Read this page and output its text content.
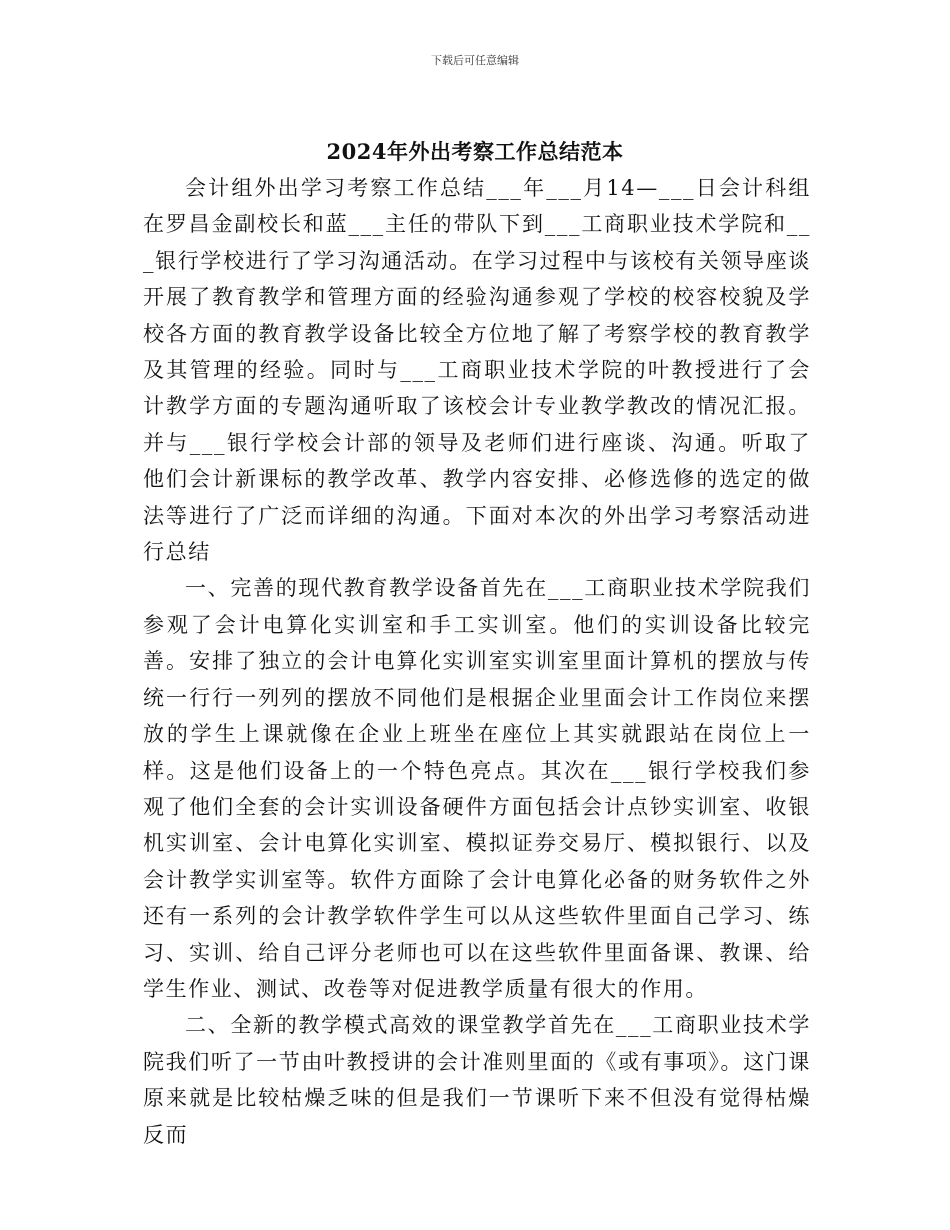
下载后可任意编辑
2024年外出考察工作总结范本

会计组外出学习考察工作总结___年___月14—___日会计科组在罗昌金副校长和蓝___主任的带队下到___工商职业技术学院和___银行学校进行了学习沟通活动。在学习过程中与该校有关领导座谈开展了教育教学和管理方面的经验沟通参观了学校的校容校貌及学校各方面的教育教学设备比较全方位地了解了考察学校的教育教学及其管理的经验。同时与___工商职业技术学院的叶教授进行了会计教学方面的专题沟通听取了该校会计专业教学教改的情况汇报。并与___银行学校会计部的领导及老师们进行座谈、沟通。听取了他们会计新课标的教学改革、教学内容安排、必修选修的选定的做法等进行了广泛而详细的沟通。下面对本次的外出学习考察活动进行总结

一、完善的现代教育教学设备首先在___工商职业技术学院我们参观了会计电算化实训室和手工实训室。他们的实训设备比较完善。安排了独立的会计电算化实训室实训室里面计算机的摆放与传统一行行一列列的摆放不同他们是根据企业里面会计工作岗位来摆放的学生上课就像在企业上班坐在座位上其实就跟站在岗位上一样。这是他们设备上的一个特色亮点。其次在___银行学校我们参观了他们全套的会计实训设备硬件方面包括会计点钞实训室、收银机实训室、会计电算化实训室、模拟证券交易厅、模拟银行、以及会计教学实训室等。软件方面除了会计电算化必备的财务软件之外还有一系列的会计教学软件学生可以从这些软件里面自己学习、练习、实训、给自己评分老师也可以在这些软件里面备课、教课、给学生作业、测试、改卷等对促进教学质量有很大的作用。

二、全新的教学模式高效的课堂教学首先在___工商职业技术学院我们听了一节由叶教授讲的会计准则里面的《或有事项》。这门课原来就是比较枯燥乏味的但是我们一节课听下来不但没有觉得枯燥反而
